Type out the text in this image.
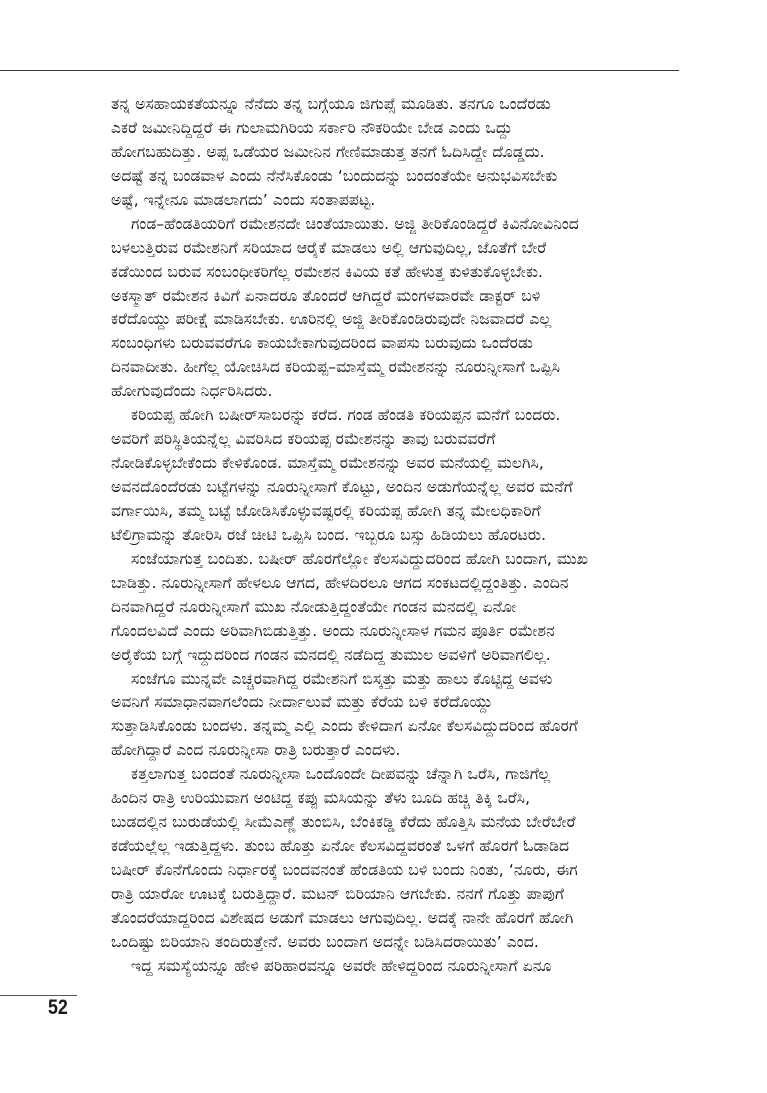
ತನ್ನ ಅಸಹಾಯಕತೆಯನ್ನೂ ನೆನೆದು ತನ್ನ ಬಗ್ಗೆಯೂ ಜಿಗುಪ್ಸೆ ಮೂಡಿತು. ತನಗೂ ಒಂದೆರಡು
ಎಕರೆ ಜಮೀನಿದ್ದಿದ್ದರೆ ಈ ಗುಲಾಮಗಿರಿಯ ಸರ್ಕಾರಿ ನೌಕರಿಯೇ ಬೇಡ ಎಂದು ಒದ್ದು
ಹೋಗಬಹುದಿತ್ತು. ಅಪ್ಪ ಒಡೆಯರ ಜಮೀನಿನ ಗೇಣಿಮಾಡುತ್ತ ತನಗೆ ಓದಿಸಿದ್ದೇ ದೊಡ್ಡದು.
ಅದಷ್ಟೆ ತನ್ನ ಬಂಡವಾಳ ಎಂದು ನೆನೆಸಿಕೊಂಡು ‘ಬಂದುದನ್ನು ಬಂದಂತೆಯೇ ಅನುಭವಿಸಬೇಕು
ಅಷ್ಟೆ, ಇನ್ನೇನೂ ಮಾಡಲಾಗದು’ ಎಂದು ಸಂತಾಪಪಟ್ಟ.
ಗಂಡ–ಹೆಂಡತಿಯರಿಗೆ ರಮೇಶನದೇ ಚಿಂತೆಯಾಯಿತು. ಅಜ್ಜಿ ತೀರಿಕೊಂಡಿದ್ದರೆ ಕಿವಿನೋವಿನಿಂದ
ಬಳಲುತ್ತಿರುವ ರಮೇಶನಿಗೆ ಸರಿಯಾದ ಆರೈಕೆ ಮಾಡಲು ಅಲ್ಲಿ ಆಗುವುದಿಲ್ಲ, ಜೊತೆಗೆ ಬೇರೆ
ಕಡೆಯಿಂದ ಬರುವ ಸಂಬಂಧೀಕರಿಗೆಲ್ಲ ರಮೇಶನ ಕಿವಿಯ ಕತೆ ಹೇಳುತ್ತ ಕುಳಿತುಕೊಳ್ಳಬೇಕು.
ಅಕಸ್ಮಾತ್ ರಮೇಶನ ಕಿವಿಗೆ ಏನಾದರೂ ತೊಂದರೆ ಆಗಿದ್ದರೆ ಮಂಗಳವಾರವೇ ಡಾಕ್ಟರ್ ಬಳಿ
ಕರೆದೊಯ್ದು ಪರೀಕ್ಷೆ ಮಾಡಿಸಬೇಕು. ಊರಿನಲ್ಲಿ ಅಜ್ಜಿ ತೀರಿಕೊಂಡಿರುವುದೇ ನಿಜವಾದರೆ ಎಲ್ಲ
ಸಂಬಂಧಿಗಳು ಬರುವವರೆಗೂ ಕಾಯಬೇಕಾಗುವುದರಿಂದ ವಾಪಸು ಬರುವುದು ಒಂದೆರಡು
ದಿನವಾದೀತು. ಹೀಗೆಲ್ಲ ಯೋಚಿಸಿದ ಕರಿಯಪ್ಪ–ಮಾಸ್ತೆಮ್ಮ ರಮೇಶನನ್ನು ನೂರುನ್ನೀಸಾಗೆ ಒಪ್ಪಿಸಿ
ಹೋಗುವುದೆಂದು ನಿರ್ಧರಿಸಿದರು.
ಕರಿಯಪ್ಪ ಹೋಗಿ ಬಷೀರ್‌ಸಾಬರನ್ನು ಕರೆದ. ಗಂಡ ಹೆಂಡತಿ ಕರಿಯಪ್ಪನ ಮನೆಗೆ ಬಂದರು.
ಅವರಿಗೆ ಪರಿಸ್ಥಿತಿಯನ್ನೆಲ್ಲ ವಿವರಿಸಿದ ಕರಿಯಪ್ಪ ರಮೇಶನನ್ನು ತಾವು ಬರುವವರೆಗೆ
ನೋಡಿಕೊಳ್ಳಬೇಕೆಂದು ಕೇಳಿಕೊಂಡ. ಮಾಸ್ತೆಮ್ಮ ರಮೇಶನನ್ನು ಅವರ ಮನೆಯಲ್ಲಿ ಮಲಗಿಸಿ,
ಅವನದೊಂದೆರಡು ಬಟ್ಟೆಗಳನ್ನು ನೂರುನ್ನೀಸಾಗೆ ಕೊಟ್ಟು, ಅಂದಿನ ಅಡುಗೆಯನ್ನೆಲ್ಲ ಅವರ ಮನೆಗೆ
ವರ್ಗಾಯಿಸಿ, ತಮ್ಮ ಬಟ್ಟೆ ಜೋಡಿಸಿಕೊಳ್ಳುವಷ್ಟರಲ್ಲಿ ಕರಿಯಪ್ಪ ಹೋಗಿ ತನ್ನ ಮೇಲಧಿಕಾರಿಗೆ
ಟೆಲಿಗ್ರಾಮನ್ನು ತೋರಿಸಿ ರಜೆ ಚೀಟಿ ಒಪ್ಪಿಸಿ ಬಂದ. ಇಬ್ಬರೂ ಬಸ್ಸು ಹಿಡಿಯಲು ಹೊರಟರು.
ಸಂಜೆಯಾಗುತ್ತ ಬಂದಿತು. ಬಷೀರ್ ಹೊರಗೆಲ್ಲೋ ಕೆಲಸವಿದ್ದುದರಿಂದ ಹೋಗಿ ಬಂದಾಗ, ಮುಖ
ಬಾಡಿತ್ತು. ನೂರುನ್ನೀಸಾಗೆ ಹೇಳಲೂ ಆಗದ, ಹೇಳದಿರಲೂ ಆಗದ ಸಂಕಟದಲ್ಲಿದ್ದಂತಿತ್ತು. ಎಂದಿನ
ದಿನವಾಗಿದ್ದರೆ ನೂರುನ್ನೀಸಾಗೆ ಮುಖ ನೋಡುತ್ತಿದ್ದಂತೆಯೇ ಗಂಡನ ಮನದಲ್ಲಿ ಏನೋ
ಗೊಂದಲವಿದೆ ಎಂದು ಅರಿವಾಗಿಬಿಡುತ್ತಿತ್ತು. ಅಂದು ನೂರುನ್ನೀಸಾಳ ಗಮನ ಪೂರ್ತಿ ರಮೇಶನ
ಅರೈಕೆಯ ಬಗ್ಗೆ ಇದ್ದುದರಿಂದ ಗಂಡನ ಮನದಲ್ಲಿ ನಡೆದಿದ್ದ ತುಮುಲ ಅವಳಿಗೆ ಅರಿವಾಗಲಿಲ್ಲ.
ಸಂಜೆಗೂ ಮುನ್ನವೇ ಎಚ್ಚರವಾಗಿದ್ದ ರಮೇಶನಿಗೆ ಬಿಸ್ಕತ್ತು ಮತ್ತು ಹಾಲು ಕೊಟ್ಟಿದ್ದ ಅವಳು
ಅವನಿಗೆ ಸಮಾಧಾನವಾಗಲೆಂದು ನೀರ್ದಾಲುವೆ ಮತ್ತು ಕೆರೆಯ ಬಳಿ ಕರೆದೊಯ್ದು
ಸುತ್ತಾಡಿಸಿಕೊಂಡು ಬಂದಳು. ತನ್ನಮ್ಮ ಎಲ್ಲಿ ಎಂದು ಕೇಳಿದಾಗ ಏನೋ ಕೆಲಸವಿದ್ದುದರಿಂದ ಹೊರಗೆ
ಹೋಗಿದ್ದಾರೆ ಎಂದ ನೂರುನ್ನೀಸಾ ರಾತ್ರಿ ಬರುತ್ತಾರೆ ಎಂದಳು.
ಕತ್ತಲಾಗುತ್ತ ಬಂದಂತೆ ನೂರುನ್ನೀಸಾ ಒಂದೊಂದೇ ದೀಪವನ್ನು ಚೆನ್ನಾಗಿ ಒರೆಸಿ, ಗಾಜಿಗೆಲ್ಲ
ಹಿಂದಿನ ರಾತ್ರಿ ಉರಿಯುವಾಗ ಅಂಟಿದ್ದ ಕಪ್ಪು ಮಸಿಯನ್ನು ತೆಳು ಬೂದಿ ಹಚ್ಚಿ ತಿಕ್ಕಿ ಒರೆಸಿ,
ಬುಡದಲ್ಲಿನ ಬುರುಡೆಯಲ್ಲಿ ಸೀಮೆಎಣ್ಣೆ ತುಂಬಿಸಿ, ಬೆಂಕಿಕಡ್ಡಿ ಕೆರೆದು ಹೊತ್ತಿಸಿ ಮನೆಯ ಬೇರೆಬೇರೆ
ಕಡೆಯಲ್ಲೆಲ್ಲ ಇಡುತ್ತಿದ್ದಳು. ತುಂಬ ಹೊತ್ತು ಏನೋ ಕೆಲಸವಿದ್ದವರಂತೆ ಒಳಗೆ ಹೊರಗೆ ಓಡಾಡಿದ
ಬಷೀರ್ ಕೊನೆಗೊಂದು ನಿರ್ಧಾರಕ್ಕೆ ಬಂದವನಂತೆ ಹೆಂಡತಿಯ ಬಳಿ ಬಂದು ನಿಂತು, ‘ನೂರು, ಈಗ
ರಾತ್ರಿ ಯಾರೋ ಊಟಕ್ಕೆ ಬರುತ್ತಿದ್ದಾರೆ. ಮಟನ್ ಬಿರಿಯಾನಿ ಆಗಬೇಕು. ನನಗೆ ಗೊತ್ತು ಪಾಪುಗೆ
ತೊಂದರೆಯಾದ್ದರಿಂದ ವಿಶೇಷದ ಅಡುಗೆ ಮಾಡಲು ಆಗುವುದಿಲ್ಲ. ಅದಕ್ಕೆ ನಾನೇ ಹೊರಗೆ ಹೋಗಿ
ಒಂದಿಷ್ಟು ಬಿರಿಯಾನಿ ತಂದಿರುತ್ತೇನೆ. ಅವರು ಬಂದಾಗ ಅದನ್ನೇ ಬಡಿಸಿದರಾಯಿತು’ ಎಂದ.
ಇದ್ದ ಸಮಸ್ಯೆಯನ್ನೂ ಹೇಳಿ ಪರಿಹಾರವನ್ನೂ ಅವರೇ ಹೇಳಿದ್ದರಿಂದ ನೂರುನ್ನೀಸಾಗೆ ಏನೂ
52
